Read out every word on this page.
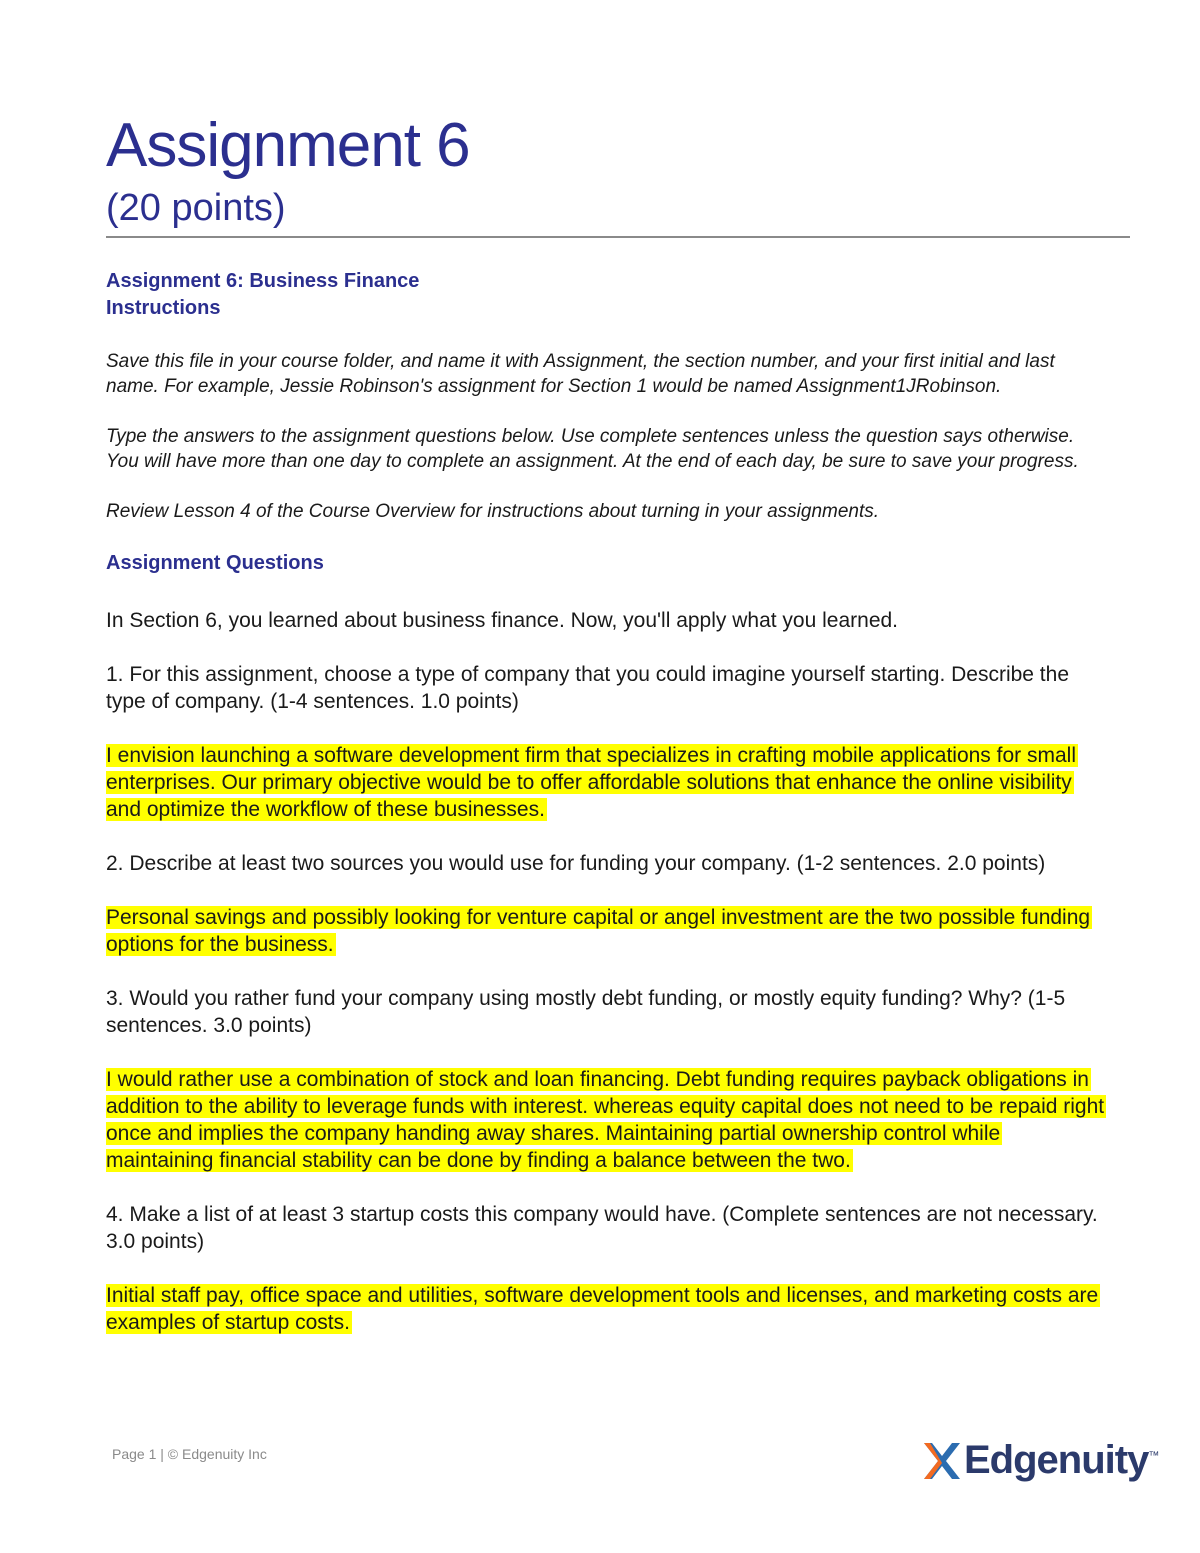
Assignment 6

(20 points)

Assignment 6: Business Finance

Instructions

Save this file in your course folder, and name it with Assignment, the section number, and your first initial and last name. For example, Jessie Robinson's assignment for Section 1 would be named Assignment1JRobinson.

Type the answers to the assignment questions below. Use complete sentences unless the question says otherwise. You will have more than one day to complete an assignment. At the end of each day, be sure to save your progress.

Review Lesson 4 of the Course Overview for instructions about turning in your assignments.

Assignment Questions

In Section 6, you learned about business finance. Now, you'll apply what you learned.

1. For this assignment, choose a type of company that you could imagine yourself starting. Describe the type of company. (1-4 sentences. 1.0 points)

I envision launching a software development firm that specializes in crafting mobile applications for small enterprises. Our primary objective would be to offer affordable solutions that enhance the online visibility and optimize the workflow of these businesses.

2. Describe at least two sources you would use for funding your company. (1-2 sentences. 2.0 points)

Personal savings and possibly looking for venture capital or angel investment are the two possible funding options for the business.

3. Would you rather fund your company using mostly debt funding, or mostly equity funding? Why? (1-5 sentences. 3.0 points)

I would rather use a combination of stock and loan financing. Debt funding requires payback obligations in addition to the ability to leverage funds with interest. whereas equity capital does not need to be repaid right once and implies the company handing away shares. Maintaining partial ownership control while maintaining financial stability can be done by finding a balance between the two.

4. Make a list of at least 3 startup costs this company would have. (Complete sentences are not necessary. 3.0 points)

Initial staff pay, office space and utilities, software development tools and licenses, and marketing costs are examples of startup costs.

Page 1 | © Edgenuity Inc	Edgenuity ™
